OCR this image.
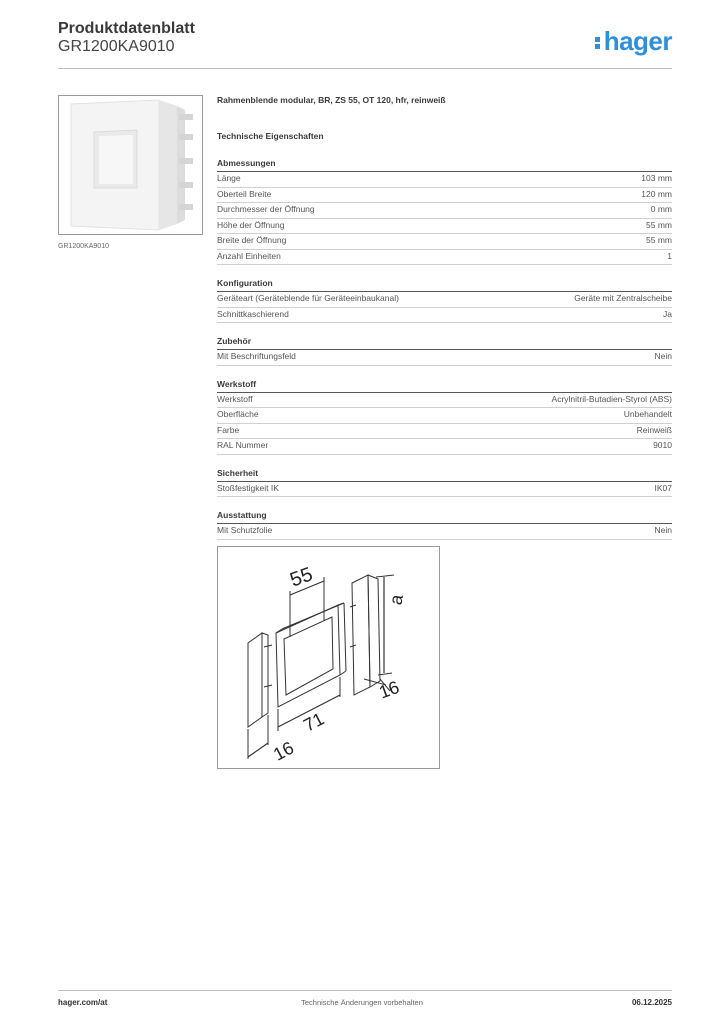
Produktdatenblatt
GR1200KA9010	hager
GR1200KA9010
Rahmenblende modular, BR, ZS 55, OT 120, hfr, reinweiß
Technische Eigenschaften
Abmessungen
Länge	103 mm
Oberteil Breite	120 mm
Durchmesser der Öffnung	0 mm
Höhe der Öffnung	55 mm
Breite der Öffnung	55 mm
Anzahl Einheiten	1
Konfiguration
Geräteart (Geräteblende für Geräteeinbaukanal)	Geräte mit Zentralscheibe
Schnittkaschierend	Ja
Zubehör
Mit Beschriftungsfeld	Nein
Werkstoff
Werkstoff	Acrylnitril-Butadien-Styrol (ABS)
Oberfläche	Unbehandelt
Farbe	Reinweiß
RAL Nummer	9010
Sicherheit
Stoßfestigkeit IK	IK07
Ausstattung
Mit Schutzfolie	Nein
55
a
16
71
16
hager.com/at	Technische Änderungen vorbehalten	06.12.2025
